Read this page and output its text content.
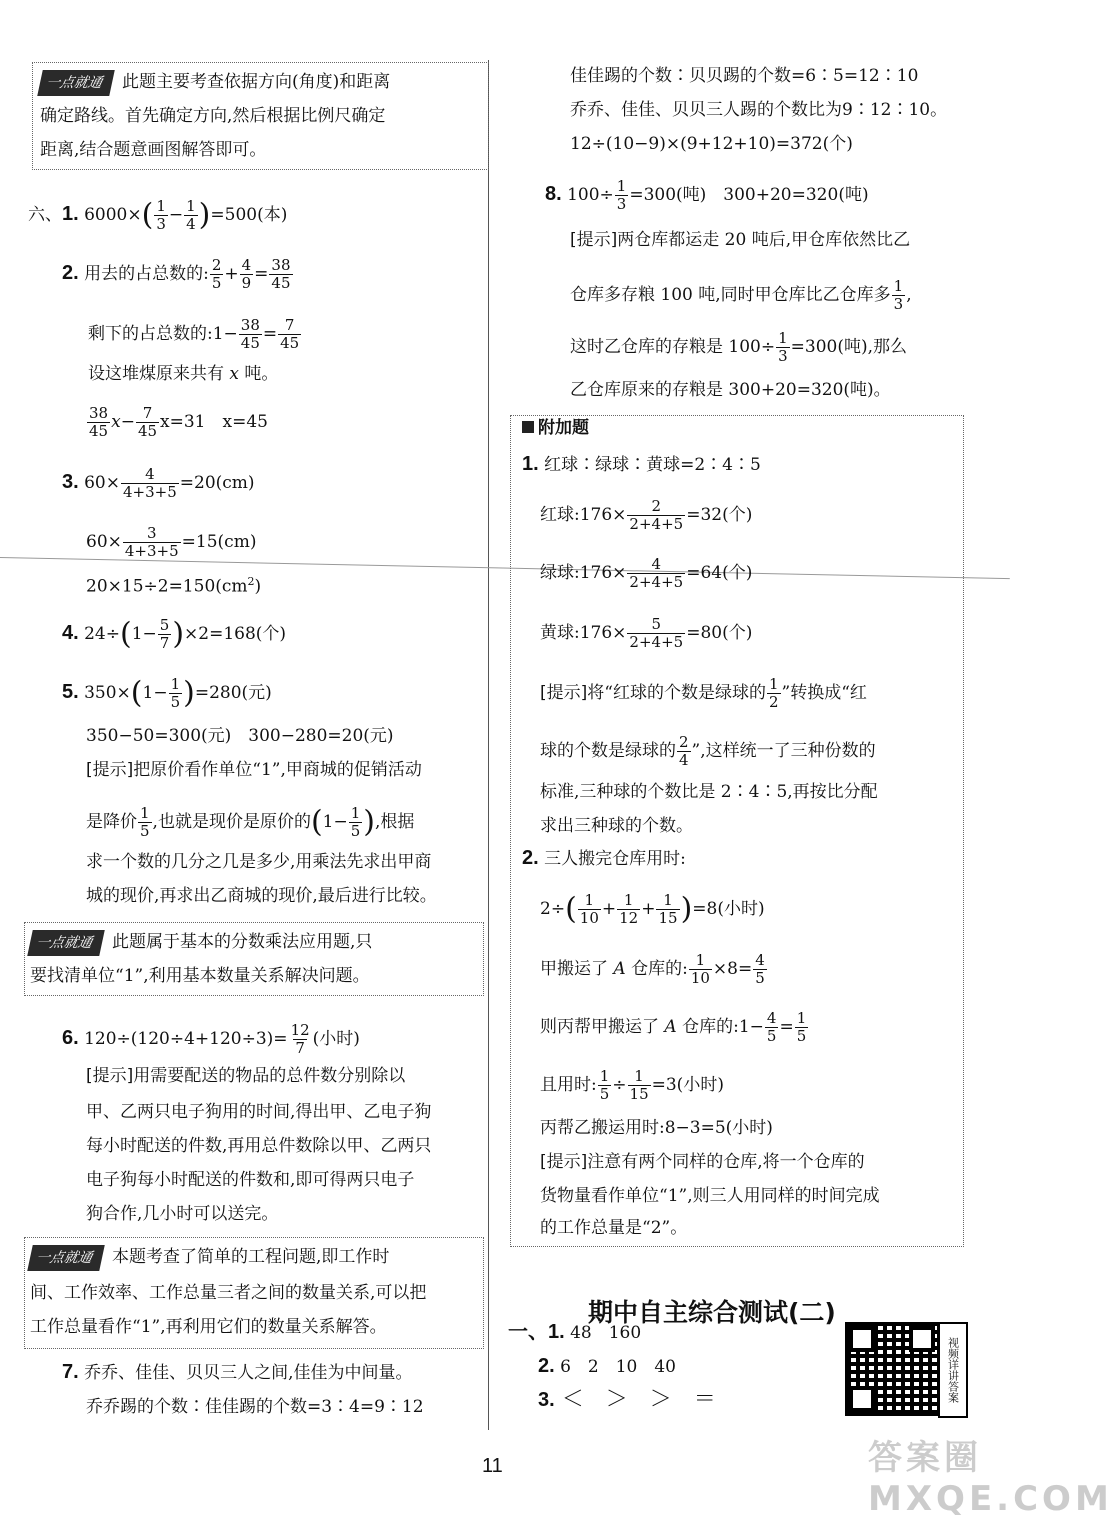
一点就通 此题主要考查依据方向(角度)和距离
确定路线。首先确定方向,然后根据比例尺确定
距离,结合题意画图解答即可。
六、1. $6000\times( \frac{1}{3} - \frac{1}{4} )=500$(本)
2. 用去的占总数的: $\frac{2}{5} + \frac{4}{9} = \frac{38}{45}$
剩下的占总数的:1− $\frac{38}{45} = \frac{7}{45}$
设这堆煤原来共有 x 吨。
$\frac{38}{45} x- \frac{7}{45} x=31$　x=45
3. $60\times \frac{4}{4+3+5} =20(cm)$
$60\times \frac{3}{4+3+5} =15(cm)$
$20\times 15\div 2=150(cm^2)$
4. $24\div(1- \frac{5}{7} )\times 2=168$(个)
5. $350\times(1- \frac{1}{5} )=280$(元)
350−50=300(元)　300−280=20(元)
[提示]把原价看作单位“1”,甲商城的促销活动
是降价 $\frac{1}{5}$ ,也就是现价是原价的($1- \frac{1}{5}$ ),根据
求一个数的几分之几是多少,用乘法先求出甲商
城的现价,再求出乙商城的现价,最后进行比较。
一点就通 此题属于基本的分数乘法应用题,只
要找清单位“1”,利用基本数量关系解决问题。
6. $120\div(120\div 4+120\div 3)= \frac{12}{7}$ (小时)
[提示]用需要配送的物品的总件数分别除以
甲、乙两只电子狗用的时间,得出甲、乙电子狗
每小时配送的件数,再用总件数除以甲、乙两只
电子狗每小时配送的件数和,即可得两只电子
狗合作,几小时可以送完。
一点就通 本题考查了简单的工程问题,即工作时
间、工作效率、工作总量三者之间的数量关系,可以把
工作总量看作“1”,再利用它们的数量关系解答。
7. 乔乔、佳佳、贝贝三人之间,佳佳为中间量。
乔乔踢的个数∶佳佳踢的个数=3∶4=9∶12
佳佳踢的个数∶贝贝踢的个数=6∶5=12∶10
乔乔、佳佳、贝贝三人踢的个数比为9∶12∶10。
12÷(10−9)×(9+12+10)=372(个)
8. $100\div \frac{1}{3} =300$(吨)　300+20=320(吨)
[提示]两仓库都运走 20 吨后,甲仓库依然比乙
仓库多存粮 100 吨,同时甲仓库比乙仓库多 $\frac{1}{3}$ ,
这时乙仓库的存粮是 $100\div \frac{1}{3} =300$(吨),那么
乙仓库原来的存粮是 300+20=320(吨)。
附加题
1. 红球∶绿球∶黄球=2∶4∶5
红球:176× $\frac{2}{2+4+5} =32$(个)
绿球:176× $\frac{4}{2+4+5} =64$(个)
黄球:176× $\frac{5}{2+4+5} =80$(个)
[提示]将“红球的个数是绿球的 $\frac{1}{2}$ ”转换成“红
球的个数是绿球的 $\frac{2}{4}$ ”,这样统一了三种份数的
标准,三种球的个数比是 2∶4∶5,再按比分配
求出三种球的个数。
2. 三人搬完仓库用时:
$2\div( \frac{1}{10} + \frac{1}{12} + \frac{1}{15} )=8$(小时)
甲搬运了 A 仓库的: $\frac{1}{10} \times 8= \frac{4}{5}$
则丙帮甲搬运了 A 仓库的:1− $\frac{4}{5} = \frac{1}{5}$
且用时: $\frac{1}{5} \div \frac{1}{15} =3$(小时)
丙帮乙搬运用时:8−3=5(小时)
[提示]注意有两个同样的仓库,将一个仓库的
货物量看作单位“1”,则三人用同样的时间完成
的工作总量是“2”。
期中自主综合测试(二)
一、1. 48　160
2. 6　2　10　40
3. ＜　＞　＞　＝	视频详讲答案
11	答案圈 MXQE.COM
